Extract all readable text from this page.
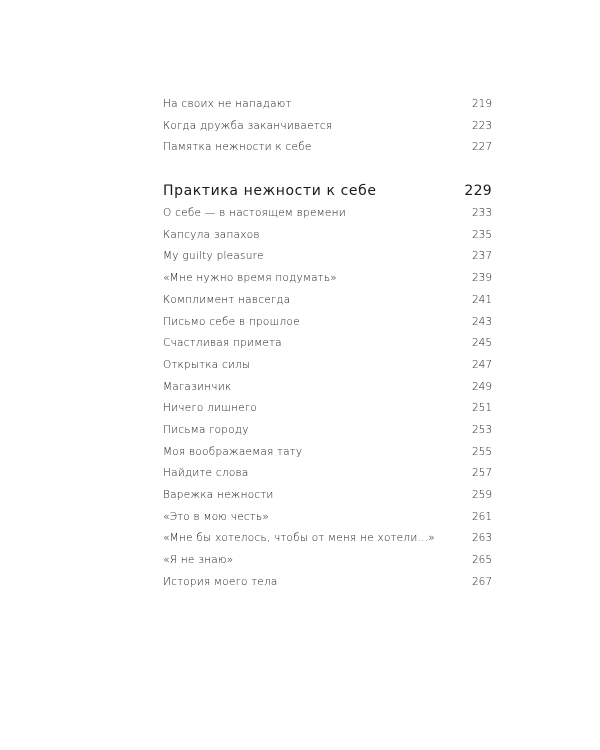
На своих не нападают	219
Когда дружба заканчивается	223
Памятка нежности к себе	227
Практика нежности к себе	229
О себе — в настоящем времени	233
Капсула запахов	235
My guilty pleasure	237
«Мне нужно время подумать»	239
Комплимент навсегда	241
Письмо себе в прошлое	243
Счастливая примета	245
Открытка силы	247
Магазинчик	249
Ничего лишнего	251
Письма городу	253
Моя воображаемая тату	255
Найдите слова	257
Варежка нежности	259
«Это в мою честь»	261
«Мне бы хотелось, чтобы от меня не хотели...»	263
«Я не знаю»	265
История моего тела	267
